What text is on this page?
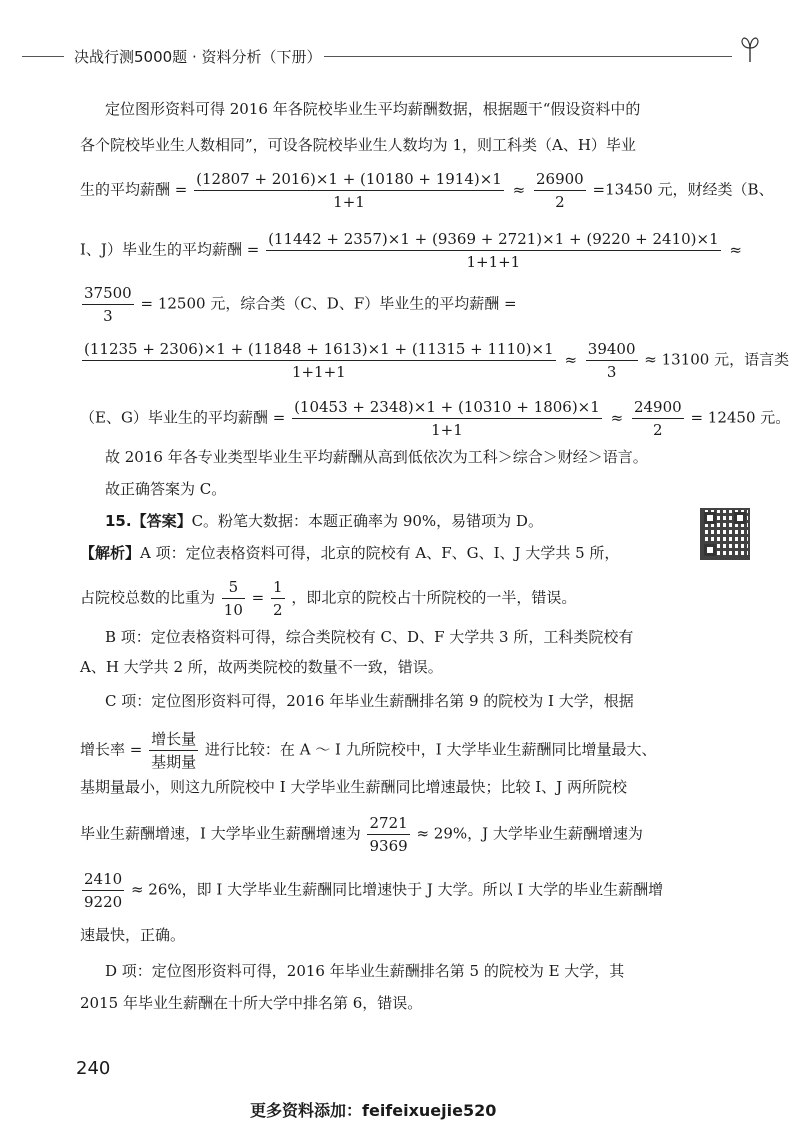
决战行测5000题 · 资料分析（下册）
定位图形资料可得 2016 年各院校毕业生平均薪酬数据，根据题干“假设资料中的
各个院校毕业生人数相同”，可设各院校毕业生人数均为 1，则工科类（A、H）毕业
生的平均薪酬 = $\frac{(12807 + 2016)\times 1 + (10180 + 1914)\times 1}{1+1} \approx \frac{26900}{2} =13450$ 元，财经类（B、
I、J）毕业生的平均薪酬 = $\frac{(11442 + 2357)\times 1 + (9369 + 2721)\times 1 + (9220 + 2410)\times 1}{1+1+1}$ ≈
$\frac{37500}{3} = 12500$ 元，综合类（C、D、F）毕业生的平均薪酬 =
$\frac{(11235 + 2306)\times 1 + (11848 + 1613)\times 1 + (11315 + 1110)\times 1}{1+1+1} \approx \frac{39400}{3} \approx 13100$ 元，语言类
（E、G）毕业生的平均薪酬 = $\frac{(10453 + 2348)\times 1 + (10310 + 1806)\times 1}{1+1} \approx \frac{24900}{2} = 12450$ 元。
故 2016 年各专业类型毕业生平均薪酬从高到低依次为工科＞综合＞财经＞语言。
故正确答案为 C。
15.【答案】C。粉笔大数据：本题正确率为 90%，易错项为 D。
【解析】A 项：定位表格资料可得，北京的院校有 A、F、G、I、J 大学共 5 所，
占院校总数的比重为 $\frac{5}{10} = \frac{1}{2}$ ，即北京的院校占十所院校的一半，错误。
B 项：定位表格资料可得，综合类院校有 C、D、F 大学共 3 所，工科类院校有
A、H 大学共 2 所，故两类院校的数量不一致，错误。
C 项：定位图形资料可得，2016 年毕业生薪酬排名第 9 的院校为 I 大学，根据
增长率 = $\frac{\text{增长量}}{\text{基期量}}$ 进行比较：在 A ～ I 九所院校中，I 大学毕业生薪酬同比增量最大、
基期量最小，则这九所院校中 I 大学毕业生薪酬同比增速最快；比较 I、J 两所院校
毕业生薪酬增速，I 大学毕业生薪酬增速为 $\frac{2721}{9369} \approx 29\%$，J 大学毕业生薪酬增速为
$\frac{2410}{9220} \approx 26\%$，即 I 大学毕业生薪酬同比增速快于 J 大学。所以 I 大学的毕业生薪酬增
速最快，正确。
D 项：定位图形资料可得，2016 年毕业生薪酬排名第 5 的院校为 E 大学，其
2015 年毕业生薪酬在十所大学中排名第 6，错误。
240
更多资料添加：feifeixuejie520
